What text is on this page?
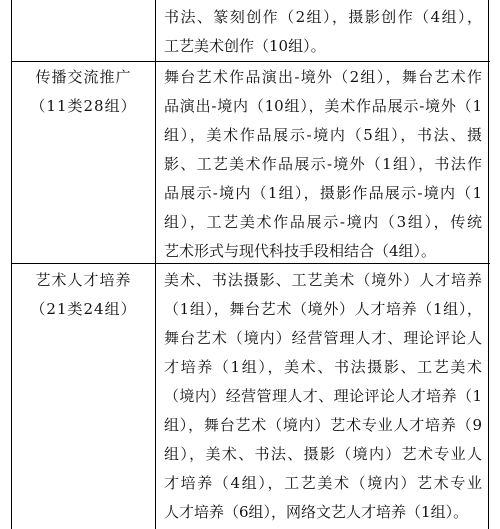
书法、篆刻创作（2组），摄影创作（4组），
工艺美术创作（10组）。
传播交流推广
（11类28组）
舞台艺术作品演出-境外（2组），舞台艺术作
品演出-境内（10组），美术作品展示-境外（1
组），美术作品展示-境内（5组），书法、摄
影、工艺美术作品展示-境外（1组），书法作
品展示-境内（1组），摄影作品展示-境内（1
组），工艺美术作品展示-境内（3组），传统
艺术形式与现代科技手段相结合（4组）。
艺术人才培养
（21类24组）
美术、书法摄影、工艺美术（境外）人才培养
（1组），舞台艺术（境外）人才培养（1组），
舞台艺术（境内）经营管理人才、理论评论人
才培养（1组），美术、书法摄影、工艺美术
（境内）经营管理人才、理论评论人才培养（1
组），舞台艺术（境内）艺术专业人才培养（9
组），美术、书法、摄影（境内）艺术专业人
才培养（4组），工艺美术（境内）艺术专业
人才培养（6组），网络文艺人才培养（1组）。
